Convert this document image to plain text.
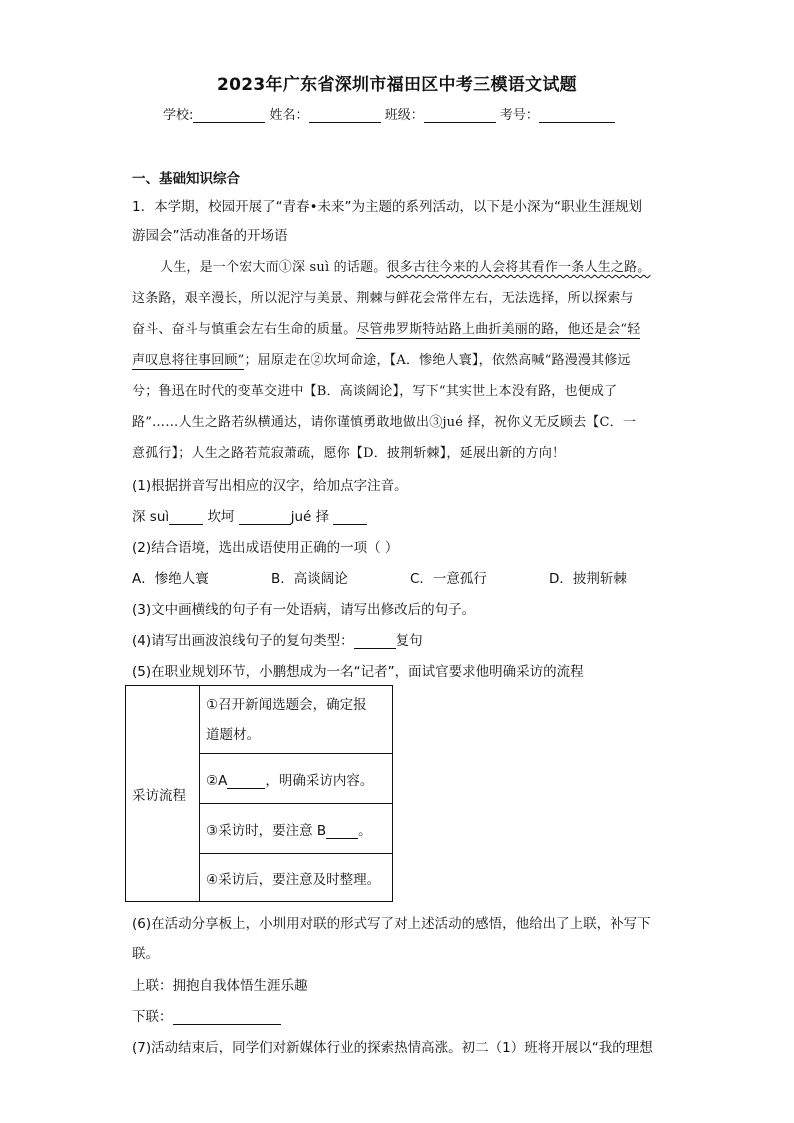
2023年广东省深圳市福田区中考三模语文试题
学校:	姓名：	班级：	考号：
一、基础知识综合
1．本学期，校园开展了“青春•未来”为主题的系列活动，以下是小深为“职业生涯规划
游园会”活动准备的开场语
人生，是一个宏大而①深 suì 的话题。很多古往今来的人会将其看作一条人生之路。
这条路，艰辛漫长，所以泥泞与美景、荆棘与鲜花会常伴左右，无法选择，所以探索与
奋斗、奋斗与慎重会左右生命的质量。尽管弗罗斯特站路上曲折美丽的路，他还是会“轻
声叹息将往事回顾”；屈原走在②坎坷命途，【A．惨绝人寰】，依然高喊“路漫漫其修远
兮；鲁迅在时代的变革交进中【B．高谈阔论】，写下“其实世上本没有路，也便成了
路”……人生之路若纵横通达，请你谨慎勇敢地做出③jué 择，祝你义无反顾去【C．一
意孤行】；人生之路若荒寂萧疏，愿你【D．披荆斩棘】，延展出新的方向！
(1)根据拼音写出相应的汉字，给加点字注音。
深 suì	坎坷	jué 择
(2)结合语境，选出成语使用正确的一项（ ）
A．惨绝人寰	B．高谈阔论	C．一意孤行	D．披荆斩棘
(3)文中画横线的句子有一处语病，请写出修改后的句子。
(4)请写出画波浪线句子的复句类型：	复句
(5)在职业规划环节，小鹏想成为一名“记者”，面试官要求他明确采访的流程
采访流程	
①召开新闻选题会，确定报
道题材。

②A	，明确采访内容。
③采访时，要注意 B 。
④采访后，要注意及时整理。
(6)在活动分享板上，小圳用对联的形式写了对上述活动的感悟，他给出了上联，补写下
联。
上联：拥抱自我体悟生涯乐趣
下联：
(7)活动结束后，同学们对新媒体行业的探索热情高涨。初二（1）班将开展以“我的理想
